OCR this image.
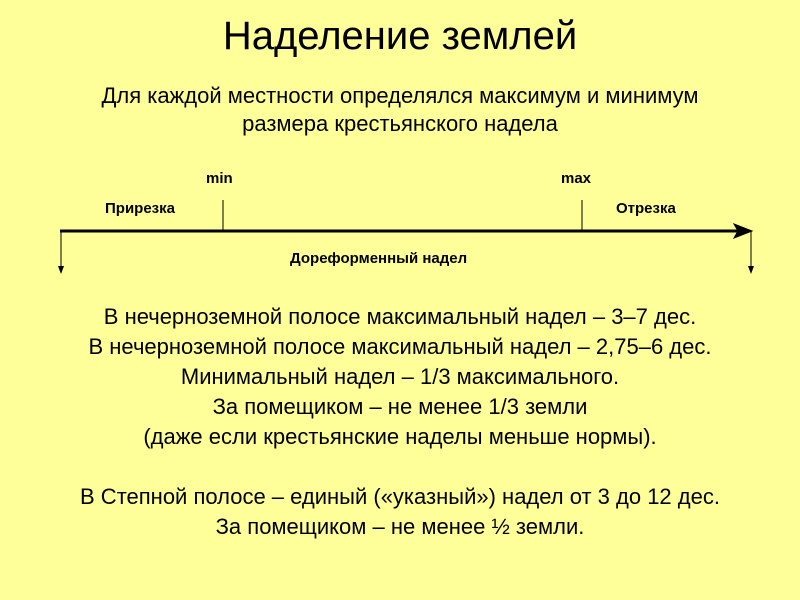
Наделение землей
Для каждой местности определялся максимум и минимум
размера крестьянского надела
min	max
Прирезка	Отрезка
Дореформенный надел
В нечерноземной полосе максимальный надел – 3–7 дес.
В нечерноземной полосе максимальный надел – 2,75–6 дес.
Минимальный надел – 1/3 максимального.
За помещиком – не менее 1/3 земли
(даже если крестьянские наделы меньше нормы).
В Степной полосе – единый («указный») надел от 3 до 12 дес.
За помещиком – не менее ½ земли.
